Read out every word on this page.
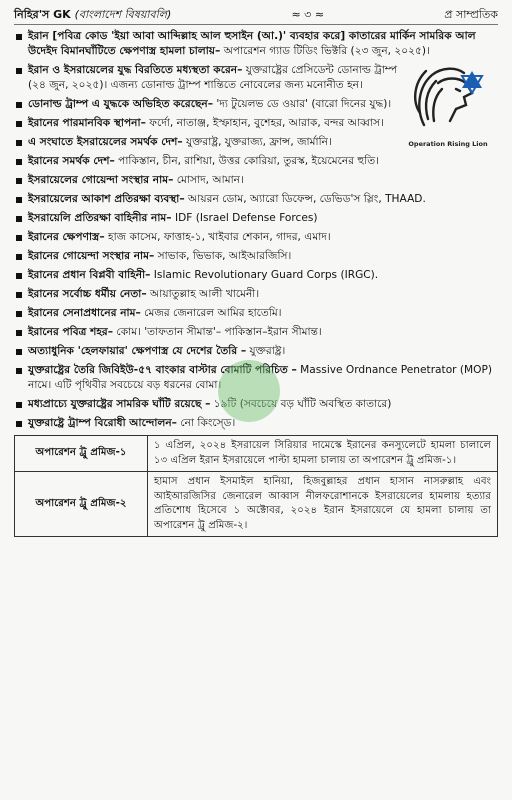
নিহির'স GK (বাংলাদেশ বিষয়াবলি)	≈ ৩ ≈	প্র সাম্প্রতিক
ইরান [পবিত্র কোড 'ইয়া আবা আব্দিল্লাহ আল হুসাইন (আ.)' ব্যবহার করে] কাতারের মার্কিন সামরিক আল উদেইদ বিমানঘাঁটিতে ক্ষেপণাস্ত্র হামলা চালায়– অপারেশন গ্যাড টিডিং ভিক্টরি (২৩ জুন, ২০২৫)।
ইরান ও ইসরায়েলের যুদ্ধ বিরতিতে মধ্যস্থতা করেন– যুক্তরাষ্ট্রের প্রেসিডেন্ট ডোনাল্ড ট্রাম্প (২৪ জুন, ২০২৫)। এজন্য ডোনাল্ড ট্রাম্প শান্তিতে নোবেলের জন্য মনোনীত হন।
Operation Rising Lion
ডোনাল্ড ট্রাম্প এ যুদ্ধকে অভিহিত করেছেন– 'দ্য টুয়েলভ ডে ওয়ার' (বারো দিনের যুদ্ধ)।
ইরানের পারমানবিক স্থাপনা– ফর্দো, নাতাঞ্জ, ইস্ফাহান, বুশেহর, আরাক, বন্দর আব্বাস।
এ সংঘাতে ইসরায়েলের সমর্থক দেশ– যুক্তরাষ্ট্র, যুক্তরাজ্য, ফ্রান্স, জার্মানি।
ইরানের সমর্থক দেশ– পাকিস্তান, চীন, রাশিয়া, উত্তর কোরিয়া, তুরস্ক, ইয়েমেনের হুতি।
ইসরায়েলের গোয়েন্দা সংস্থার নাম– মোসাদ, আমান।
ইসরায়েলের আকাশ প্রতিরক্ষা ব্যবস্থা– আয়রন ডোম, অ্যারো ডিফেন্স, ডেভিড'স স্লিং, THAAD.
ইসরায়েলি প্রতিরক্ষা বাহিনীর নাম– IDF (Israel Defense Forces)
ইরানের ক্ষেপণাস্ত্র– হাজ কাসেম, ফাত্তাহ-১, খাইবার শেকান, গাদর, এমাদ।
ইরানের গোয়েন্দা সংস্থার নাম– সাভাক, ভিভাক, আইআরজিসি।
ইরানের প্রধান বিপ্লবী বাহিনী– Islamic Revolutionary Guard Corps (IRGC).
ইরানের সর্বোচ্চ ধর্মীয় নেতা– আয়াতুল্লাহ আলী খামেনী।
ইরানের সেনাপ্রধানের নাম– মেজর জেনারেল আমির হাতেমি।
ইরানের পবিত্র শহর– কোম। 'তাফতান সীমান্ত'– পাকিস্তান–ইরান সীমান্ত।
অত্যাধুনিক 'হেলফায়ার' ক্ষেপণাস্ত্র যে দেশের তৈরি – যুক্তরাষ্ট্র।
যুক্তরাষ্ট্রের তৈরি জিবিইউ-৫৭ বাংকার বাস্টার বোমাটি পরিচিত – Massive Ordnance Penetrator (MOP) নামে। এটি পৃথিবীর সবচেয়ে বড় ধরনের বোমা।
মধ্যপ্রাচ্যে যুক্তরাষ্ট্রের সামরিক ঘাঁটি রয়েছে – ১৯টি (সবচেয়ে বড় ঘাঁটি অবস্থিত কাতারে)
যুক্তরাষ্ট্রে ট্রাম্প বিরোধী আন্দোলন– নো কিংস্ডে।
অপারেশন ট্রু প্রমিজ-১	১ এপ্রিল, ২০২৪ ইসরায়েল সিরিয়ার দামেস্কে ইরানের কনস্যুলেটে হামলা চালালে ১৩ এপ্রিল ইরান ইসরায়েলে পাল্টা হামলা চালায় তা অপারেশন ট্রু প্রমিজ-১।
অপারেশন ট্রু প্রমিজ-২	হামাস প্রধান ইসমাইল হানিয়া, হিজবুল্লাহর প্রধান হাসান নাসরুল্লাহ এবং আইআরজিসির জেনারেল আব্বাস নীলফরোশানকে ইসরায়েলের হামলায় হত্যার প্রতিশোধ হিসেবে ১ অক্টোবর, ২০২৪ ইরান ইসরায়েলে যে হামলা চালায় তা অপারেশন ট্রু প্রমিজ-২।
